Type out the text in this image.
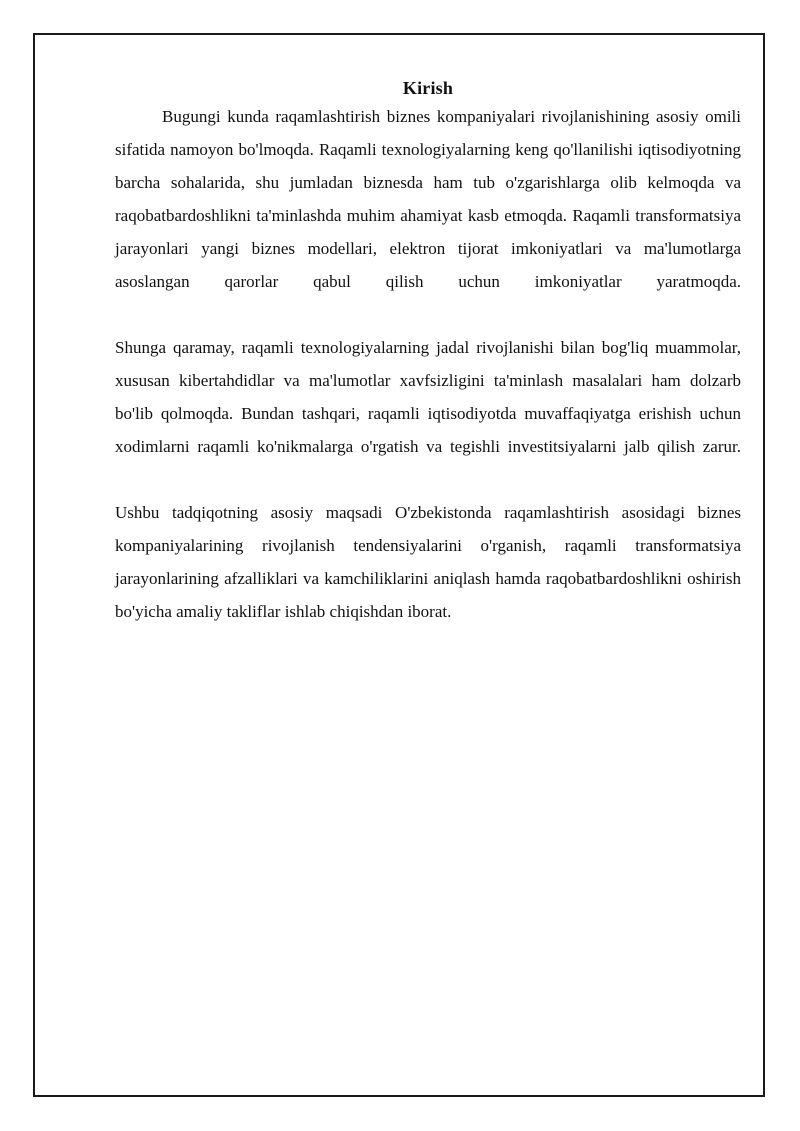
Kirish

Bugungi kunda raqamlashtirish biznes kompaniyalari rivojlanishining asosiy omili sifatida namoyon bo'lmoqda. Raqamli texnologiyalarning keng qo'llanilishi iqtisodiyotning barcha sohalarida, shu jumladan biznesda ham tub o'zgarishlarga olib kelmoqda va raqobatbardoshlikni ta'minlashda muhim ahamiyat kasb etmoqda. Raqamli transformatsiya jarayonlari yangi biznes modellari, elektron tijorat imkoniyatlari va ma'lumotlarga asoslangan qarorlar qabul qilish uchun imkoniyatlar yaratmoqda.

Shunga qaramay, raqamli texnologiyalarning jadal rivojlanishi bilan bog'liq muammolar, xususan kibertahdidlar va ma'lumotlar xavfsizligini ta'minlash masalalari ham dolzarb bo'lib qolmoqda. Bundan tashqari, raqamli iqtisodiyotda muvaffaqiyatga erishish uchun xodimlarni raqamli ko'nikmalarga o'rgatish va tegishli investitsiyalarni jalb qilish zarur.

Ushbu tadqiqotning asosiy maqsadi O'zbekistonda raqamlashtirish asosidagi biznes kompaniyalarining rivojlanish tendensiyalarini o'rganish, raqamli transformatsiya jarayonlarining afzalliklari va kamchiliklarini aniqlash hamda raqobatbardoshlikni oshirish bo'yicha amaliy takliflar ishlab chiqishdan iborat.
